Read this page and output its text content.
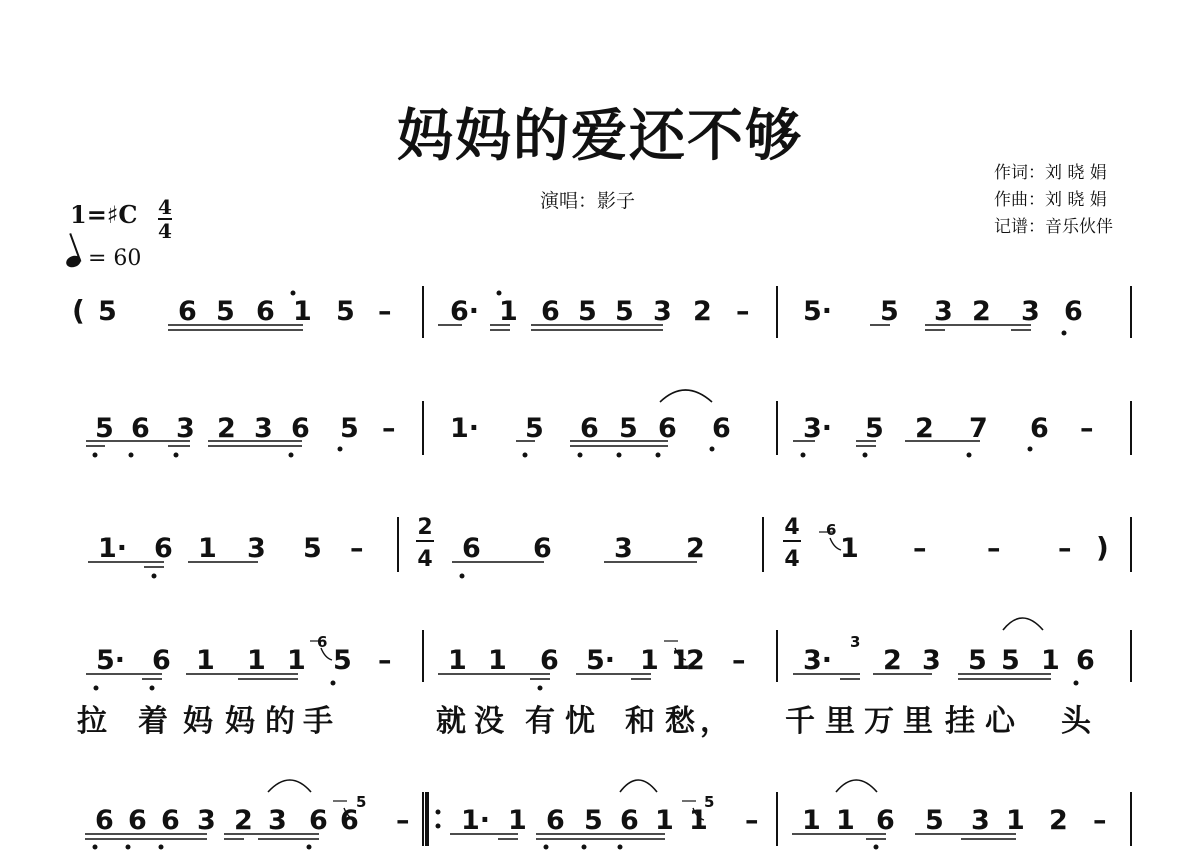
妈妈的爱还不够
演唱：影子
作词：刘 晓 娟
作曲：刘 晓 娟
记谱：音乐伙伴
1=♯C 4
4
= 60
2
4
4
4
( 5 6 5 6 1 5 – 6· 1 6 5 5 3 2 – 5· 5 3 2 3 6
5 6 3 2 3 6 5 – 1· 5 6 5 6 6	3· 5 2 7 6 –
1· 6 1 3 5 –	6 6 3 2
6
1 – – – )
5· 6 1 1 1
6
5 – 1 1 6 5· 1 1
2 – 3·
3
2 3 5 5 1 6
6 6 6 3 2 3 6 6
5
– 1· 1 6 5 6 1 1
5
– 1 1 6 5 3 1 2 –
拉 着 妈 妈 的 手	就 没 有 忧 和 愁 ， 千 里 万 里 挂 心 头
